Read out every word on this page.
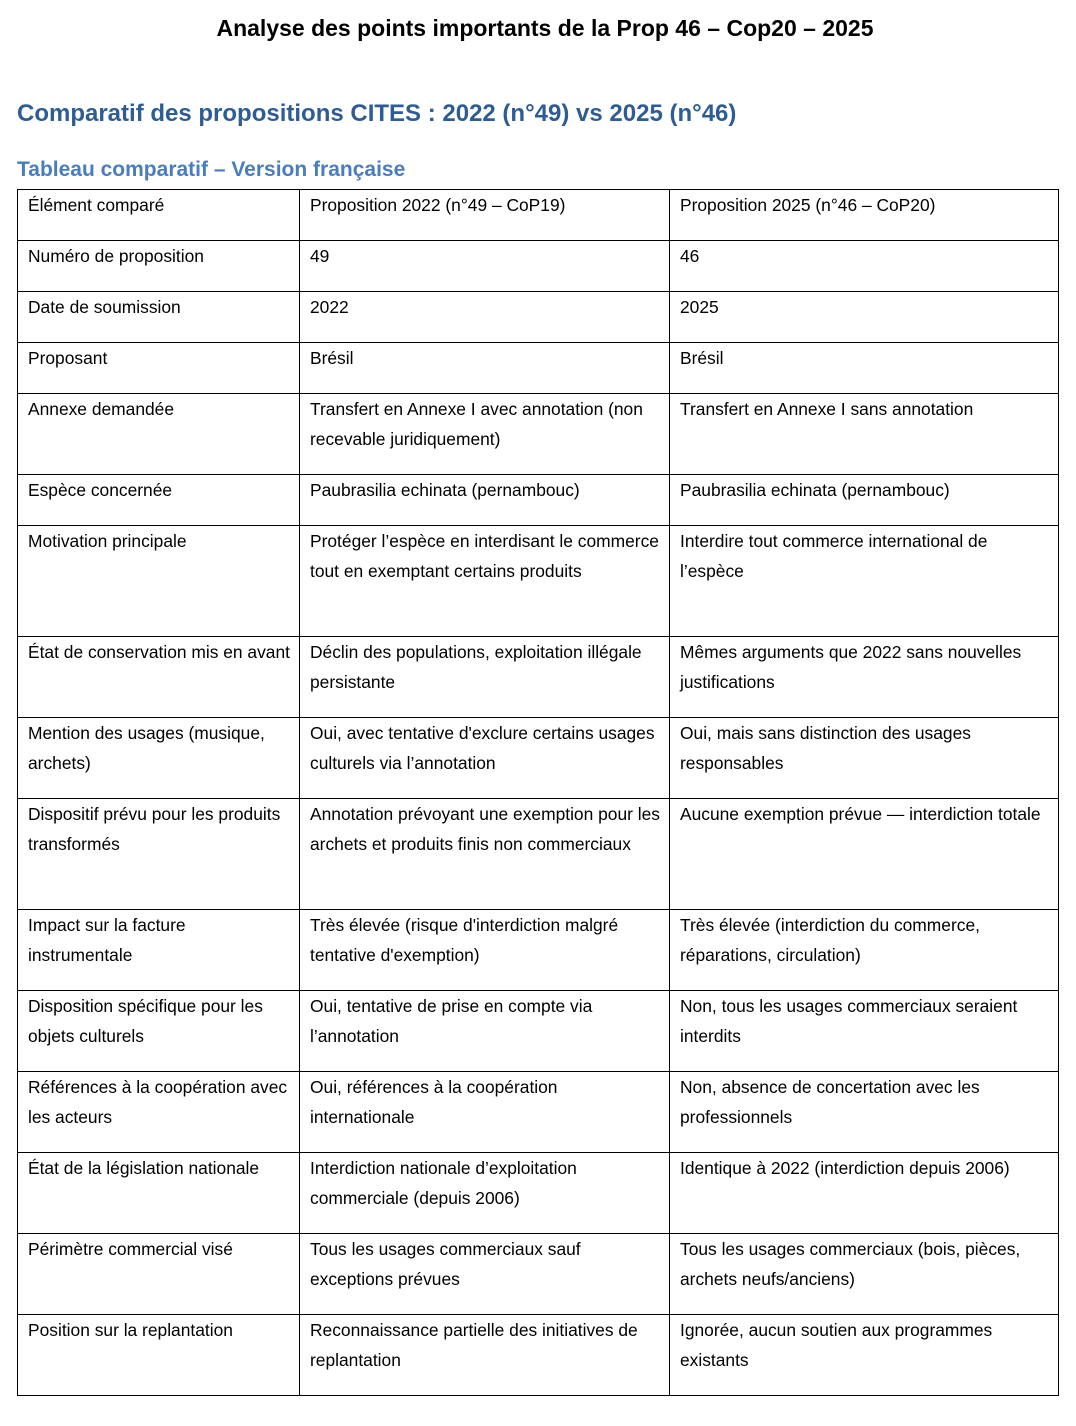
Analyse des points importants de la Prop 46 – Cop20 – 2025
Comparatif des propositions CITES : 2022 (n°49) vs 2025 (n°46)
Tableau comparatif – Version française
Élément comparé	Proposition 2022 (n°49 – CoP19)	Proposition 2025 (n°46 – CoP20)
Numéro de proposition	49	46
Date de soumission	2022	2025
Proposant	Brésil	Brésil
Annexe demandée	Transfert en Annexe I avec annotation (non recevable juridiquement)	Transfert en Annexe I sans annotation
Espèce concernée	Paubrasilia echinata (pernambouc)	Paubrasilia echinata (pernambouc)
Motivation principale	Protéger l’espèce en interdisant le commerce tout en exemptant certains produits	Interdire tout commerce international de l’espèce
État de conservation mis en avant	Déclin des populations, exploitation illégale persistante	Mêmes arguments que 2022 sans nouvelles justifications
Mention des usages (musique, archets)	Oui, avec tentative d'exclure certains usages culturels via l’annotation	Oui, mais sans distinction des usages responsables
Dispositif prévu pour les produits transformés	Annotation prévoyant une exemption pour les archets et produits finis non commerciaux	Aucune exemption prévue — interdiction totale
Impact sur la facture instrumentale	Très élevée (risque d'interdiction malgré tentative d'exemption)	Très élevée (interdiction du commerce, réparations, circulation)
Disposition spécifique pour les objets culturels	Oui, tentative de prise en compte via l’annotation	Non, tous les usages commerciaux seraient interdits
Références à la coopération avec les acteurs	Oui, références à la coopération internationale	Non, absence de concertation avec les professionnels
État de la législation nationale	Interdiction nationale d’exploitation commerciale (depuis 2006)	Identique à 2022 (interdiction depuis 2006)
Périmètre commercial visé	Tous les usages commerciaux sauf exceptions prévues	Tous les usages commerciaux (bois, pièces, archets neufs/anciens)
Position sur la replantation	Reconnaissance partielle des initiatives de replantation	Ignorée, aucun soutien aux programmes existants
